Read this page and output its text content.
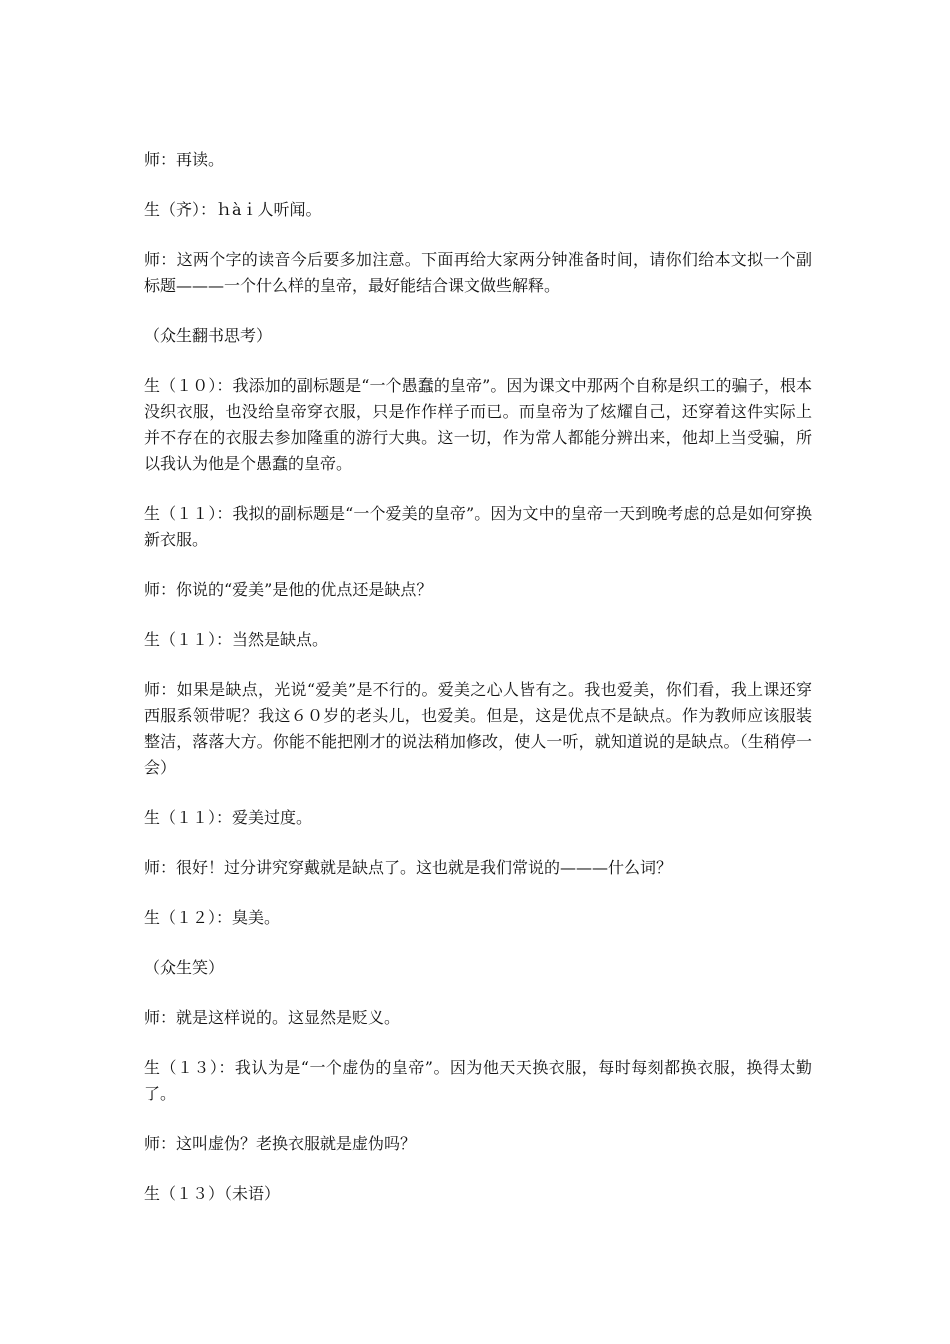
师：再读。

生（齐）：ｈàｉ人听闻。

师：这两个字的读音今后要多加注意。下面再给大家两分钟准备时间，请你们给本文拟一个副标题———一个什么样的皇帝，最好能结合课文做些解释。

（众生翻书思考）

生（１０）：我添加的副标题是“一个愚蠢的皇帝”。因为课文中那两个自称是织工的骗子，根本没织衣服，也没给皇帝穿衣服，只是作作样子而已。而皇帝为了炫耀自己，还穿着这件实际上并不存在的衣服去参加隆重的游行大典。这一切，作为常人都能分辨出来，他却上当受骗，所以我认为他是个愚蠢的皇帝。

生（１１）：我拟的副标题是“一个爱美的皇帝”。因为文中的皇帝一天到晚考虑的总是如何穿换新衣服。

师：你说的“爱美”是他的优点还是缺点？

生（１１）：当然是缺点。

师：如果是缺点，光说“爱美”是不行的。爱美之心人皆有之。我也爱美，你们看，我上课还穿西服系领带呢？我这６０岁的老头儿，也爱美。但是，这是优点不是缺点。作为教师应该服装整洁，落落大方。你能不能把刚才的说法稍加修改，使人一听，就知道说的是缺点。（生稍停一会）

生（１１）：爱美过度。

师：很好！过分讲究穿戴就是缺点了。这也就是我们常说的———什么词？

生（１２）：臭美。

（众生笑）

师：就是这样说的。这显然是贬义。

生（１３）：我认为是“一个虚伪的皇帝”。因为他天天换衣服，每时每刻都换衣服，换得太勤了。

师：这叫虚伪？老换衣服就是虚伪吗？

生（１３）（未语）
